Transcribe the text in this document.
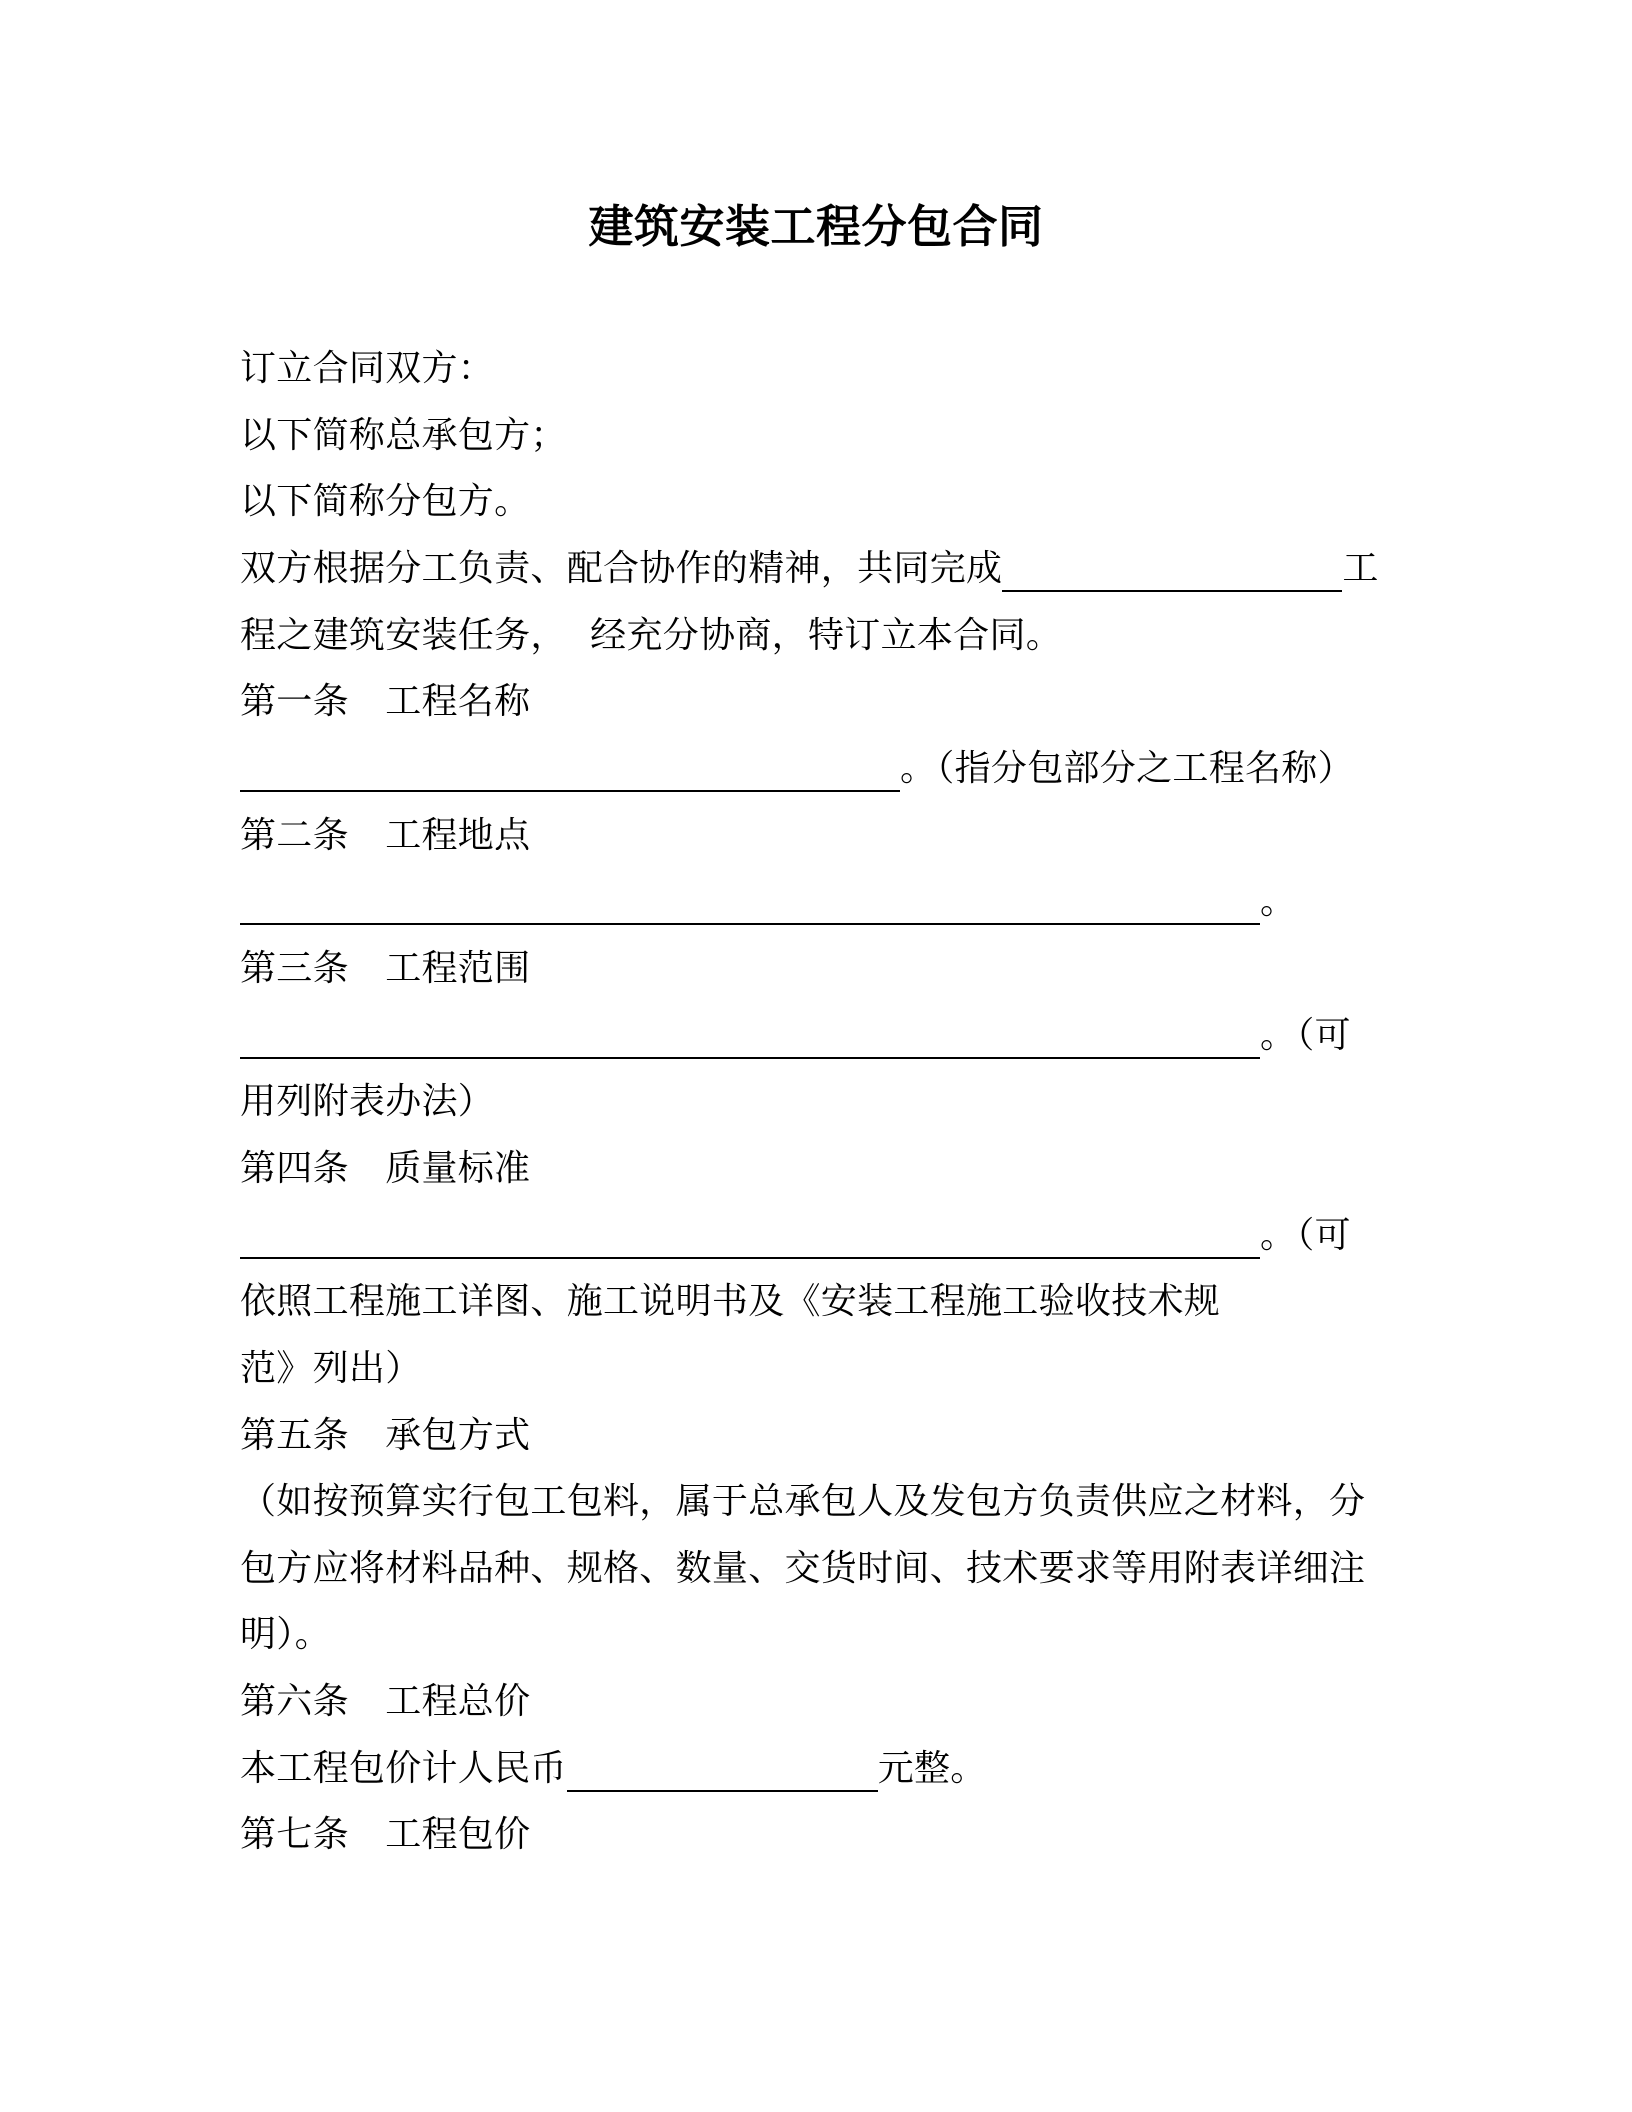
建筑安装工程分包合同
订立合同双方：
以下简称总承包方；
以下简称分包方。
双方根据分工负责、配合协作的精神，共同完成	工
程之建筑安装任务，  经充分协商，特订立本合同。
第一条　工程名称
。（指分包部分之工程名称）
第二条　工程地点
。
第三条　工程范围
。（可
用列附表办法）
第四条　质量标准
。（可
依照工程施工详图、施工说明书及《安装工程施工验收技术规
范》列出）
第五条　承包方式
（如按预算实行包工包料，属于总承包人及发包方负责供应之材料，分
包方应将材料品种、规格、数量、交货时间、技术要求等用附表详细注
明）。
第六条　工程总价
本工程包价计人民币	元整。
第七条　工程包价
